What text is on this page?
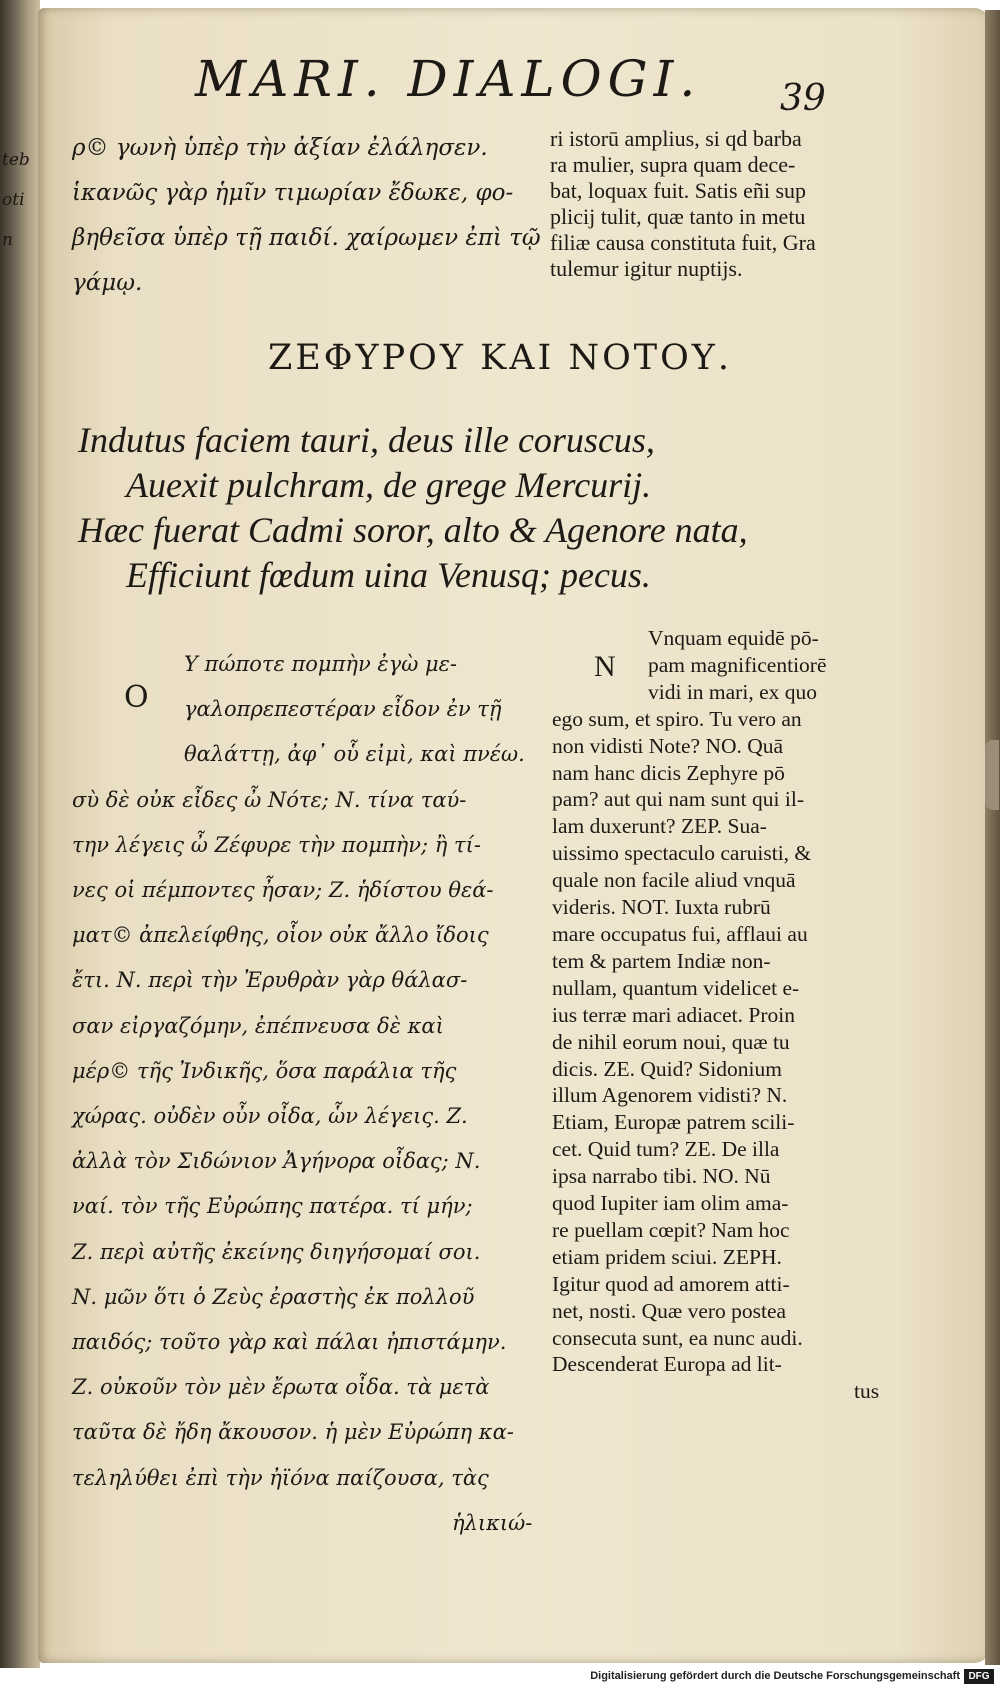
tebotin
MARI. DIALOGI. 39
ρ© γωνὴ ὑπὲρ τὴν ἀξίαν ἐλάλησεν.
ἱκανῶς γὰρ ἡμῖν τιμωρίαν ἔδωκε, φο-
βηθεῖσα ὑπὲρ τῇ παιδί. χαίρωμεν ἐπὶ τῷ
γάμῳ.
ri istorū amplius, si qd barba
ra mulier, supra quam dece-
bat, loquax fuit. Satis eñi sup
plicij tulit, quæ tanto in metu
filiæ causa constituta fuit, Gra
tulemur igitur nuptijs.
ΖΕΦΥΡΟΥ ΚΑΙ ΝΟΤΟΥ.
Indutus faciem tauri, deus ille coruscus,
Auexit pulchram, de grege Mercurij.
Hæc fuerat Cadmi soror, alto & Agenore nata,
Efficiunt fœdum uina Venusq; pecus.
O
Υ πώποτε πομπὴν ἐγὼ με-
γαλοπρεπεστέραν εἶδον ἐν τῇ
θαλάττῃ, ἀφ᾽ οὗ εἰμὶ, καὶ πνέω.
σὺ δὲ οὐκ εἶδες ὦ Νότε; Ν. τίνα ταύ-
την λέγεις ὦ Ζέφυρε τὴν πομπὴν; ἢ τί-
νες οἱ πέμποντες ἦσαν; Ζ. ἡδίστου θεά-
ματ© ἀπελείφθης, οἷον οὐκ ἄλλο ἴδοις
ἔτι. Ν. περὶ τὴν Ἐρυθρὰν γὰρ θάλασ-
σαν εἰργαζόμην, ἐπέπνευσα δὲ καὶ
μέρ© τῆς Ἰνδικῆς, ὅσα παράλια τῆς
χώρας. οὐδὲν οὖν οἶδα, ὧν λέγεις. Ζ.
ἀλλὰ τὸν Σιδώνιον Ἀγήνορα οἶδας; Ν.
ναί. τὸν τῆς Εὐρώπης πατέρα. τί μήν;
Ζ. περὶ αὐτῆς ἐκείνης διηγήσομαί σοι.
Ν. μῶν ὅτι ὁ Ζεὺς ἐραστὴς ἐκ πολλοῦ
παιδός; τοῦτο γὰρ καὶ πάλαι ἠπιστάμην.
Ζ. οὐκοῦν τὸν μὲν ἔρωτα οἶδα. τὰ μετὰ
ταῦτα δὲ ἤδη ἄκουσον. ἡ μὲν Εὐρώπη κα-
τεληλύθει ἐπὶ τὴν ἠϊόνα παίζουσα, τὰς
ἡλικιώ-
N
Vnquam equidē pō-
pam magnificentiorē
vidi in mari, ex quo
ego sum, et spiro. Tu vero an
non vidisti Note? NO. Quā
nam hanc dicis Zephyre pō
pam? aut qui nam sunt qui il-
lam duxerunt? ZEP. Sua-
uissimo spectaculo caruisti, &
quale non facile aliud vnquā
videris. NOT. Iuxta rubrū
mare occupatus fui, afflaui au
tem & partem Indiæ non-
nullam, quantum videlicet e-
ius terræ mari adiacet. Proin
de nihil eorum noui, quæ tu
dicis. ZE. Quid? Sidonium
illum Agenorem vidisti? N.
Etiam, Europæ patrem scili-
cet. Quid tum? ZE. De illa
ipsa narrabo tibi. NO. Nū
quod Iupiter iam olim ama-
re puellam cœpit? Nam hoc
etiam pridem sciui. ZEPH.
Igitur quod ad amorem atti-
net, nosti. Quæ vero postea
consecuta sunt, ea nunc audi.
Descenderat Europa ad lit-
tus
Digitalisierung gefördert durch die Deutsche Forschungsgemeinschaft DFG
